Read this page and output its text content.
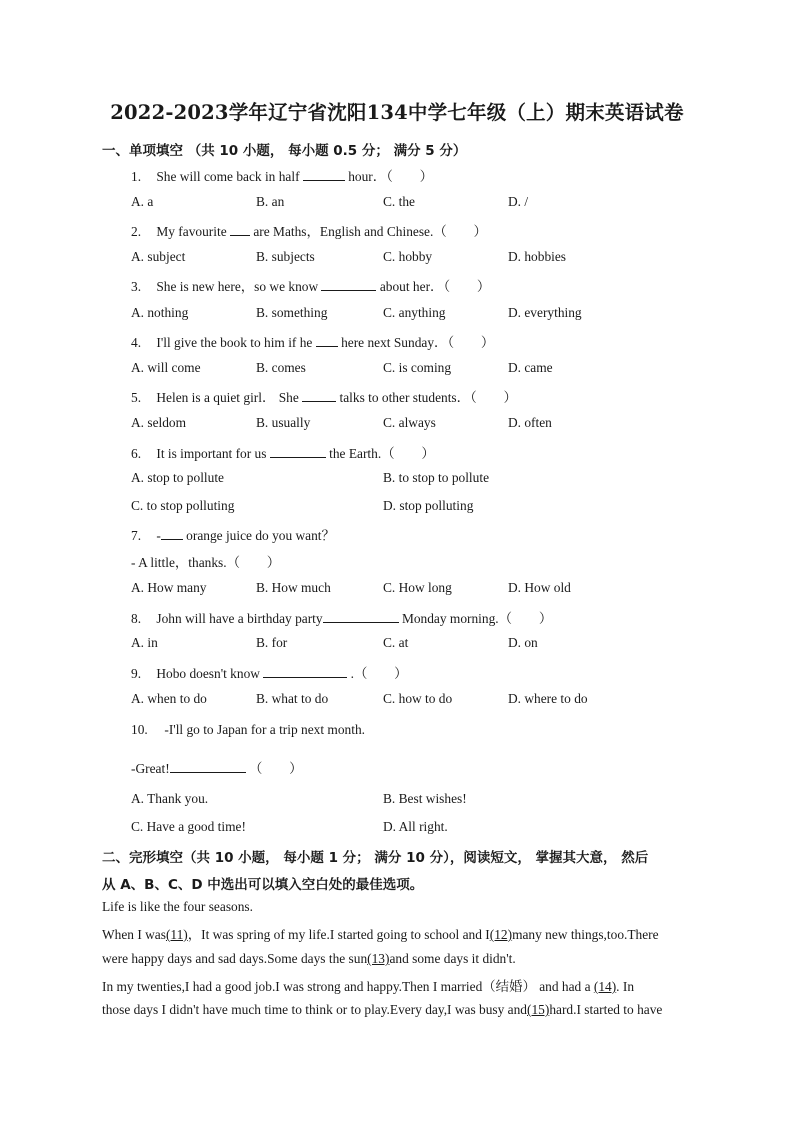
2022-2023学年辽宁省沈阳134中学七年级（上）期末英语试卷
一、单项填空 （共 10 小题， 每小题 0.5 分； 满分 5 分）
1. She will come back in half	hour．（　　）
A. a	B. an	C. the	D. /
2. My favourite  are Maths，English and Chinese.（　　）
A. subject	B. subjects	C. hobby	D. hobbies
3. She is new here，so we know	about her．（　　）
A. nothing	B. something	C. anything	D. everything
4. I'll give the book to him if he  here next Sunday．（　　）
A. will come	B. comes	C. is coming	D. came
5. Helen is a quiet girl． She	talks to other students．（　　）
A. seldom	B. usually	C. always	D. often
6. It is important for us	the Earth.（　　）
A. stop to pollute	B. to stop to pollute
C. to stop polluting	D. stop polluting
7. - orange juice do you want？
- A little，thanks.（　　）
A. How many	B. How much	C. How long	D. How old
8. John will have a birthday party	Monday morning.（　　）
A. in	B. for	C. at	D. on
9. Hobo doesn't know	.（　　）
A. when to do	B. what to do	C. how to do	D. where to do
10. -I'll go to Japan for a trip next month.
-Great!	（　　）
A. Thank you.	B. Best wishes!
C. Have a good time!	D. All right.
二、完形填空（共 10 小题， 每小题 1 分； 满分 10 分），阅读短文， 掌握其大意， 然后
从 A、B、C、D 中选出可以填入空白处的最佳选项。
Life is like the four seasons.
When I was(11)，It was spring of my life.I started going to school and I(12)many new things,too.There
were happy days and sad days.Some days the sun(13)and some days it didn't.
In my twenties,I had a good job.I was strong and happy.Then I married（结婚） and had a (14). In
those days I didn't have much time to think or to play.Every day,I was busy and(15)hard.I started to have
